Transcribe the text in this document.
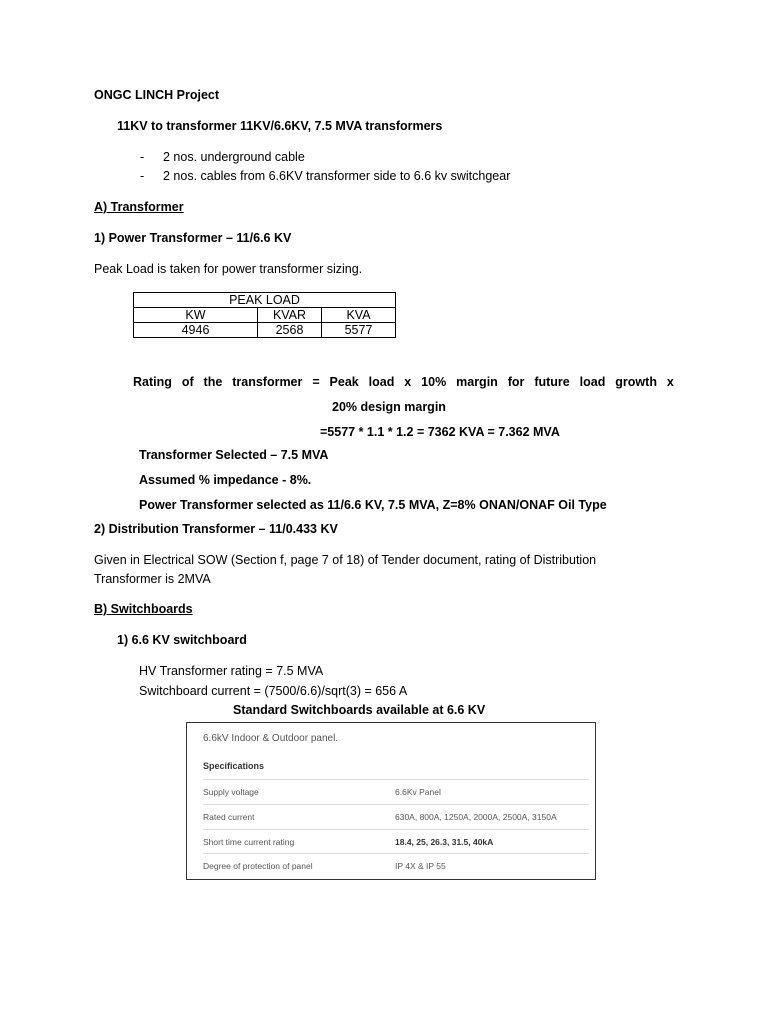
ONGC LINCH Project
11KV to transformer 11KV/6.6KV, 7.5 MVA transformers
- 2 nos. underground cable
- 2 nos. cables from 6.6KV transformer side to 6.6 kv switchgear
A) Transformer
1) Power Transformer – 11/6.6 KV
Peak Load is taken for power transformer sizing.
PEAK LOAD		
KW	KVAR	KVA
4946	2568	5577
Rating of the transformer = Peak load x 10% margin for future load growth x
20% design margin
=5577 * 1.1 * 1.2 = 7362 KVA = 7.362 MVA
Transformer Selected – 7.5 MVA
Assumed % impedance - 8%.
Power Transformer selected as 11/6.6 KV, 7.5 MVA, Z=8% ONAN/ONAF Oil Type
2) Distribution Transformer – 11/0.433 KV
Given in Electrical SOW (Section f, page 7 of 18) of Tender document, rating of Distribution
Transformer is 2MVA
B) Switchboards
1) 6.6 KV switchboard
HV Transformer rating = 7.5 MVA
Switchboard current = (7500/6.6)/sqrt(3) = 656 A
Standard Switchboards available at 6.6 KV
6.6kV Indoor & Outdoor panel.
Specifications
Supply voltage	6.6Kv Panel
Rated current	630A, 800A, 1250A, 2000A, 2500A, 3150A
Short time current rating	18.4, 25, 26.3, 31.5, 40kA
Degree of protection of panel	IP 4X & IP 55
